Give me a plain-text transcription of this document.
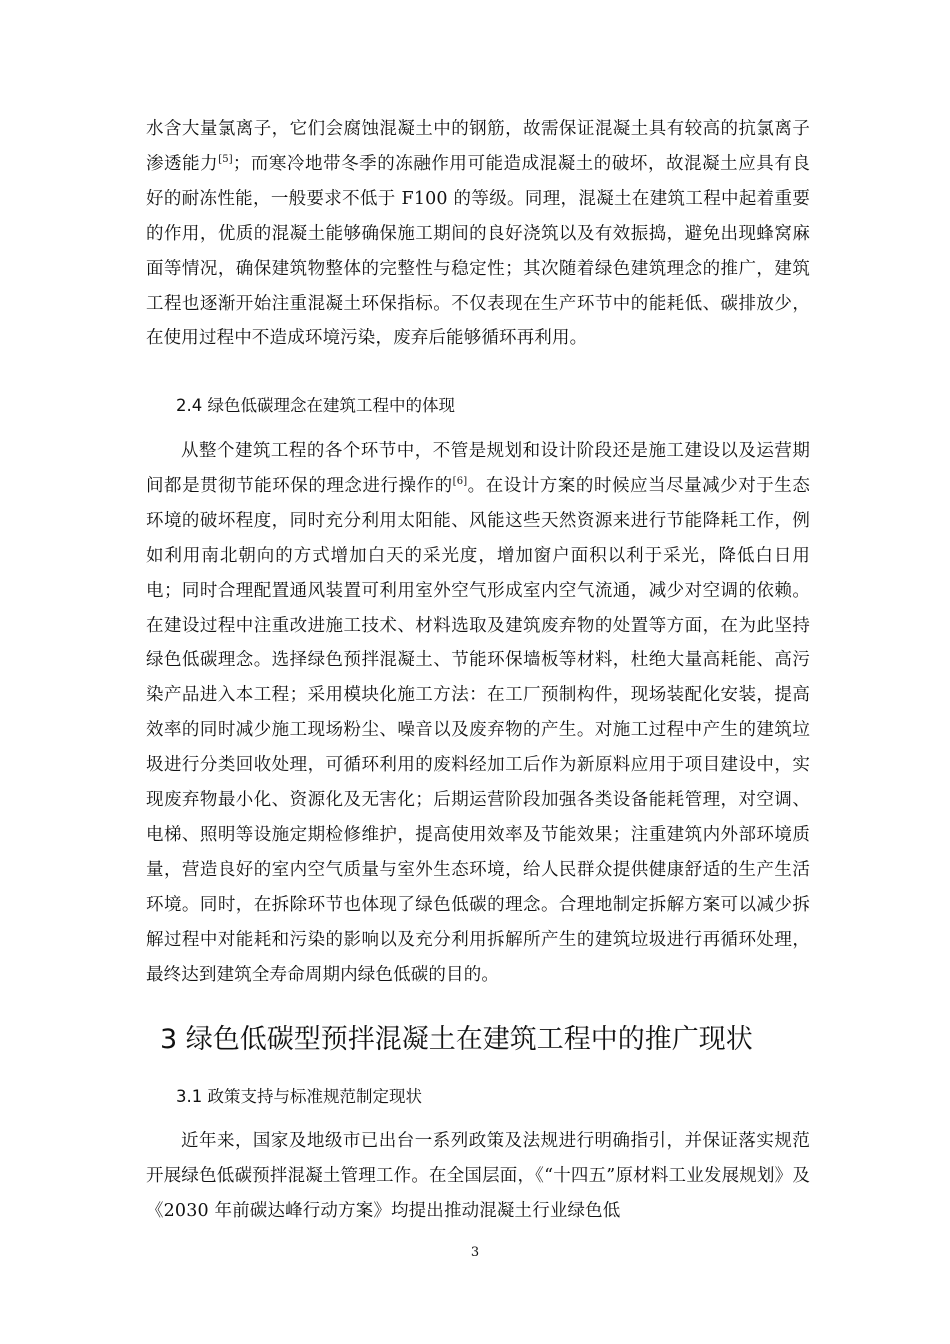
水含大量氯离子，它们会腐蚀混凝土中的钢筋，故需保证混凝土具有较高的抗氯离子渗透能力[5]；而寒冷地带冬季的冻融作用可能造成混凝土的破坏，故混凝土应具有良好的耐冻性能，一般要求不低于 F100 的等级。同理，混凝土在建筑工程中起着重要的作用，优质的混凝土能够确保施工期间的良好浇筑以及有效振捣，避免出现蜂窝麻面等情况，确保建筑物整体的完整性与稳定性；其次随着绿色建筑理念的推广，建筑工程也逐渐开始注重混凝土环保指标。不仅表现在生产环节中的能耗低、碳排放少，在使用过程中不造成环境污染，废弃后能够循环再利用。

2.4 绿色低碳理念在建筑工程中的体现

从整个建筑工程的各个环节中，不管是规划和设计阶段还是施工建设以及运营期间都是贯彻节能环保的理念进行操作的[6]。在设计方案的时候应当尽量减少对于生态环境的破坏程度，同时充分利用太阳能、风能这些天然资源来进行节能降耗工作，例如利用南北朝向的方式增加白天的采光度，增加窗户面积以利于采光，降低白日用电；同时合理配置通风装置可利用室外空气形成室内空气流通，减少对空调的依赖。在建设过程中注重改进施工技术、材料选取及建筑废弃物的处置等方面，在为此坚持绿色低碳理念。选择绿色预拌混凝土、节能环保墙板等材料，杜绝大量高耗能、高污染产品进入本工程；采用模块化施工方法：在工厂预制构件，现场装配化安装，提高效率的同时减少施工现场粉尘、噪音以及废弃物的产生。对施工过程中产生的建筑垃圾进行分类回收处理，可循环利用的废料经加工后作为新原料应用于项目建设中，实现废弃物最小化、资源化及无害化；后期运营阶段加强各类设备能耗管理，对空调、电梯、照明等设施定期检修维护，提高使用效率及节能效果；注重建筑内外部环境质量，营造良好的室内空气质量与室外生态环境，给人民群众提供健康舒适的生产生活环境。同时，在拆除环节也体现了绿色低碳的理念。合理地制定拆解方案可以减少拆解过程中对能耗和污染的影响以及充分利用拆解所产生的建筑垃圾进行再循环处理，最终达到建筑全寿命周期内绿色低碳的目的。

3 绿色低碳型预拌混凝土在建筑工程中的推广现状
3.1 政策支持与标准规范制定现状

近年来，国家及地级市已出台一系列政策及法规进行明确指引，并保证落实规范开展绿色低碳预拌混凝土管理工作。在全国层面，《“十四五”原材料工业发展规划》及《2030 年前碳达峰行动方案》均提出推动混凝土行业绿色低

3
